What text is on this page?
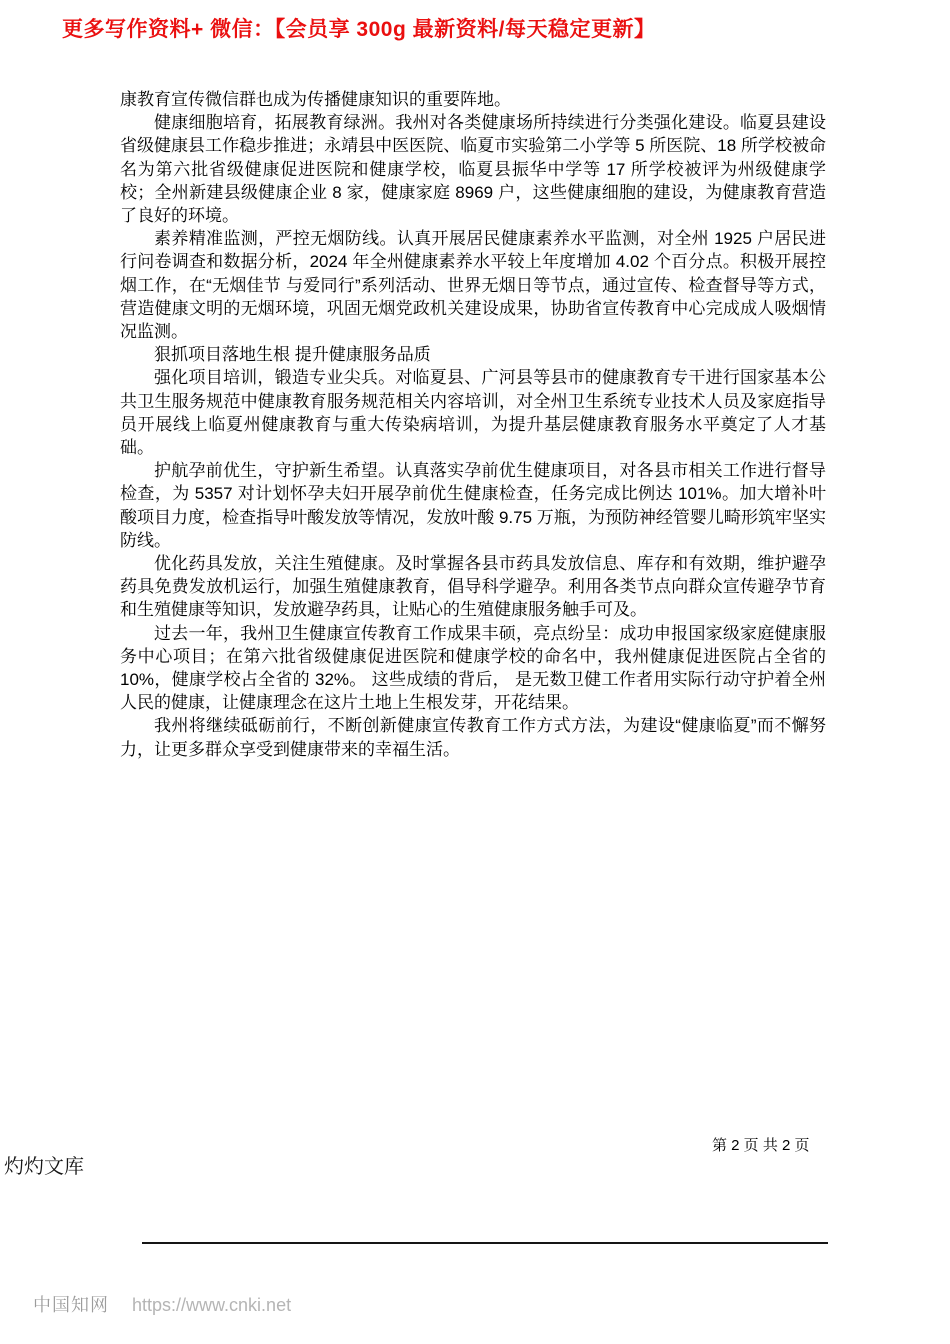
更多写作资料+ 微信：【会员享 300g 最新资料/每天稳定更新】

康教育宣传微信群也成为传播健康知识的重要阵地。

健康细胞培育，拓展教育绿洲。我州对各类健康场所持续进行分类强化建设。临夏县建设省级健康县工作稳步推进；永靖县中医医院、临夏市实验第二小学等 5 所医院、18 所学校被命名为第六批省级健康促进医院和健康学校，临夏县振华中学等 17 所学校被评为州级健康学校；全州新建县级健康企业 8 家，健康家庭 8969 户，这些健康细胞的建设，为健康教育营造了良好的环境。

素养精准监测，严控无烟防线。认真开展居民健康素养水平监测，对全州 1925 户居民进行问卷调查和数据分析，2024 年全州健康素养水平较上年度增加 4.02 个百分点。积极开展控烟工作，在“无烟佳节 与爱同行”系列活动、世界无烟日等节点，通过宣传、检查督导等方式，营造健康文明的无烟环境，巩固无烟党政机关建设成果，协助省宣传教育中心完成成人吸烟情况监测。

狠抓项目落地生根 提升健康服务品质

强化项目培训，锻造专业尖兵。对临夏县、广河县等县市的健康教育专干进行国家基本公共卫生服务规范中健康教育服务规范相关内容培训，对全州卫生系统专业技术人员及家庭指导员开展线上临夏州健康教育与重大传染病培训，为提升基层健康教育服务水平奠定了人才基础。

护航孕前优生，守护新生希望。认真落实孕前优生健康项目，对各县市相关工作进行督导检查，为 5357 对计划怀孕夫妇开展孕前优生健康检查，任务完成比例达 101%。加大增补叶酸项目力度，检查指导叶酸发放等情况，发放叶酸 9.75 万瓶，为预防神经管婴儿畸形筑牢坚实防线。

优化药具发放，关注生殖健康。及时掌握各县市药具发放信息、库存和有效期，维护避孕药具免费发放机运行，加强生殖健康教育，倡导科学避孕。利用各类节点向群众宣传避孕节育和生殖健康等知识，发放避孕药具，让贴心的生殖健康服务触手可及。

过去一年，我州卫生健康宣传教育工作成果丰硕，亮点纷呈：成功申报国家级家庭健康服务中心项目；在第六批省级健康促进医院和健康学校的命名中，我州健康促进医院占全省的 10%，健康学校占全省的 32%。 这些成绩的背后， 是无数卫健工作者用实际行动守护着全州人民的健康，让健康理念在这片土地上生根发芽，开花结果。

我州将继续砥砺前行，不断创新健康宣传教育工作方式方法，为建设“健康临夏”而不懈努力，让更多群众享受到健康带来的幸福生活。

第 2 页 共 2 页
灼灼文库
中国知网 https://www.cnki.net
